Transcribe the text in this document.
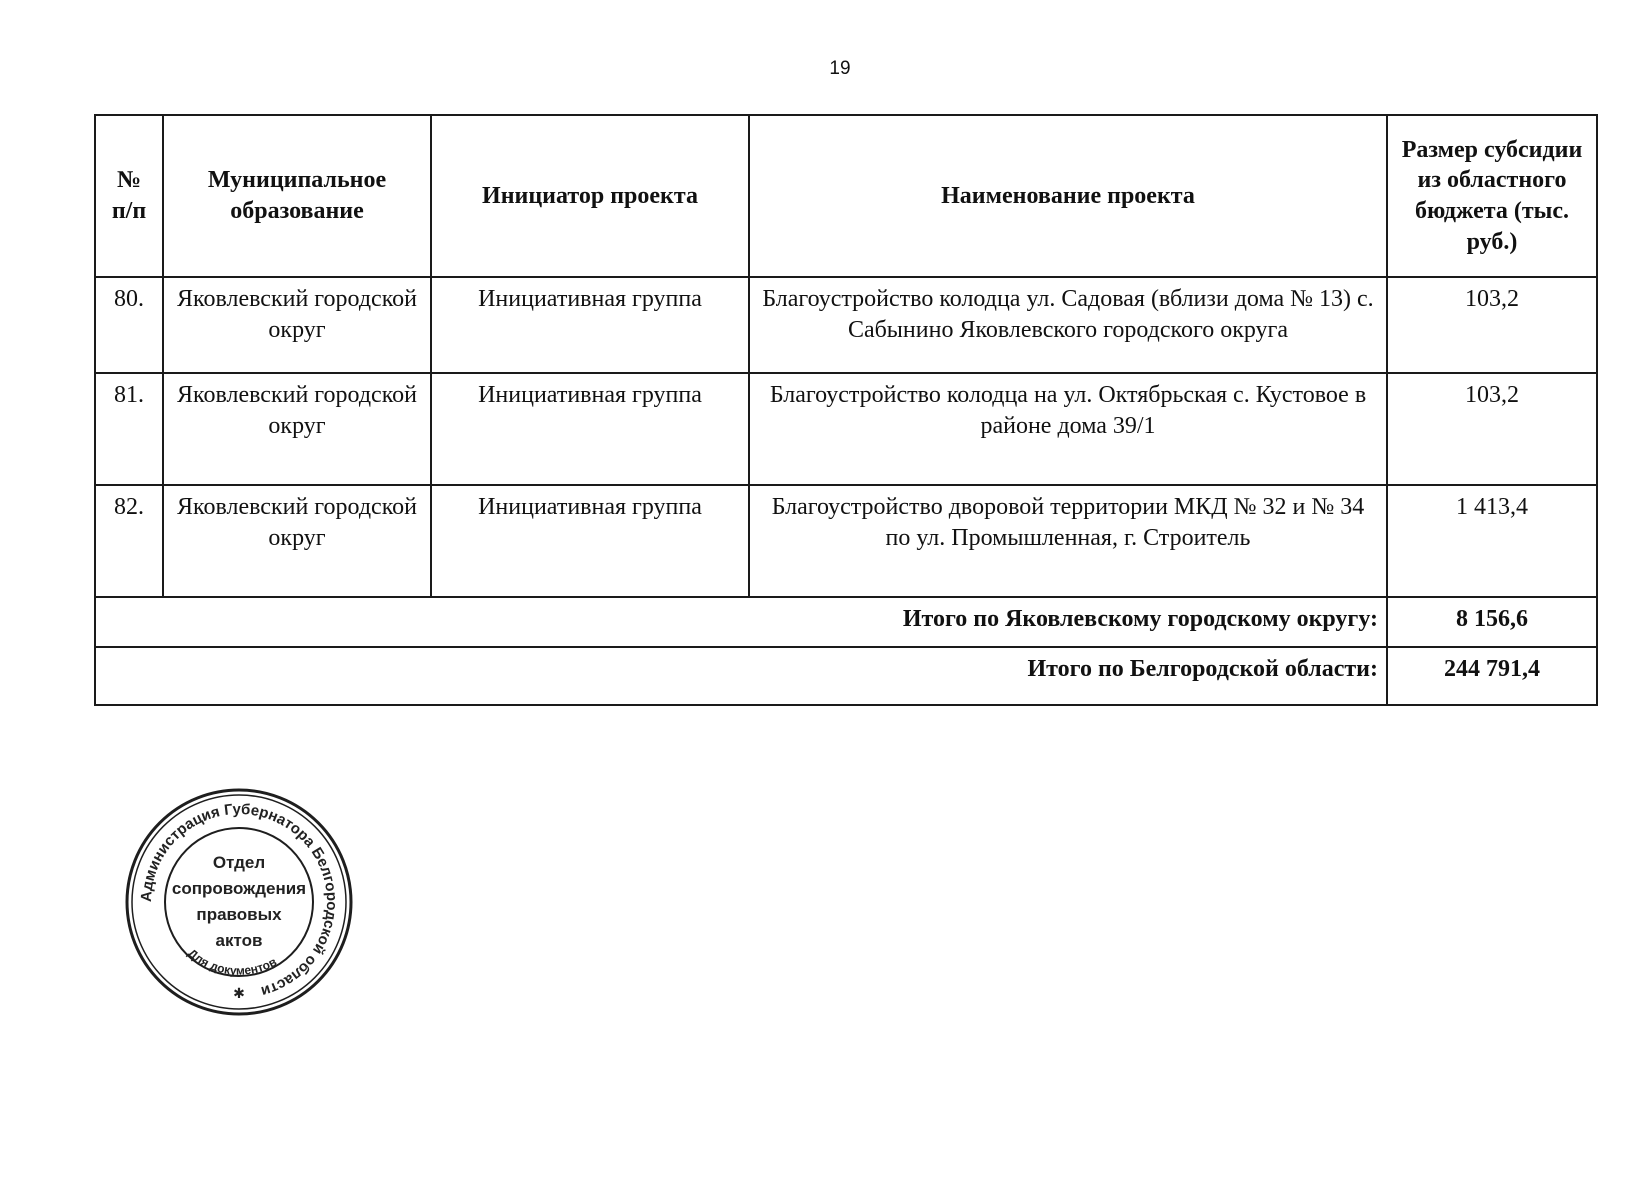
19
№ п/п	Муниципальное образование	Инициатор проекта	Наименование проекта	Размер субсидии из областного бюджета (тыс. руб.)
80.	Яковлевский городской округ	Инициативная группа	Благоустройство колодца ул. Садовая (вблизи дома № 13) с. Сабынино Яковлевского городского округа	103,2
81.	Яковлевский городской округ	Инициативная группа	Благоустройство колодца на ул. Октябрьская с. Кустовое в районе дома 39/1	103,2
82.	Яковлевский городской округ	Инициативная группа	Благоустройство дворовой территории МКД № 32 и № 34 по ул. Промышленная, г. Строитель	1 413,4
Итого по Яковлевскому городскому округу:				8 156,6
Итого по Белгородской области:				244 791,4
Администрация Губернатора Белгородской области
Отдел
сопровождения
правовых
актов
Для документов
✱
